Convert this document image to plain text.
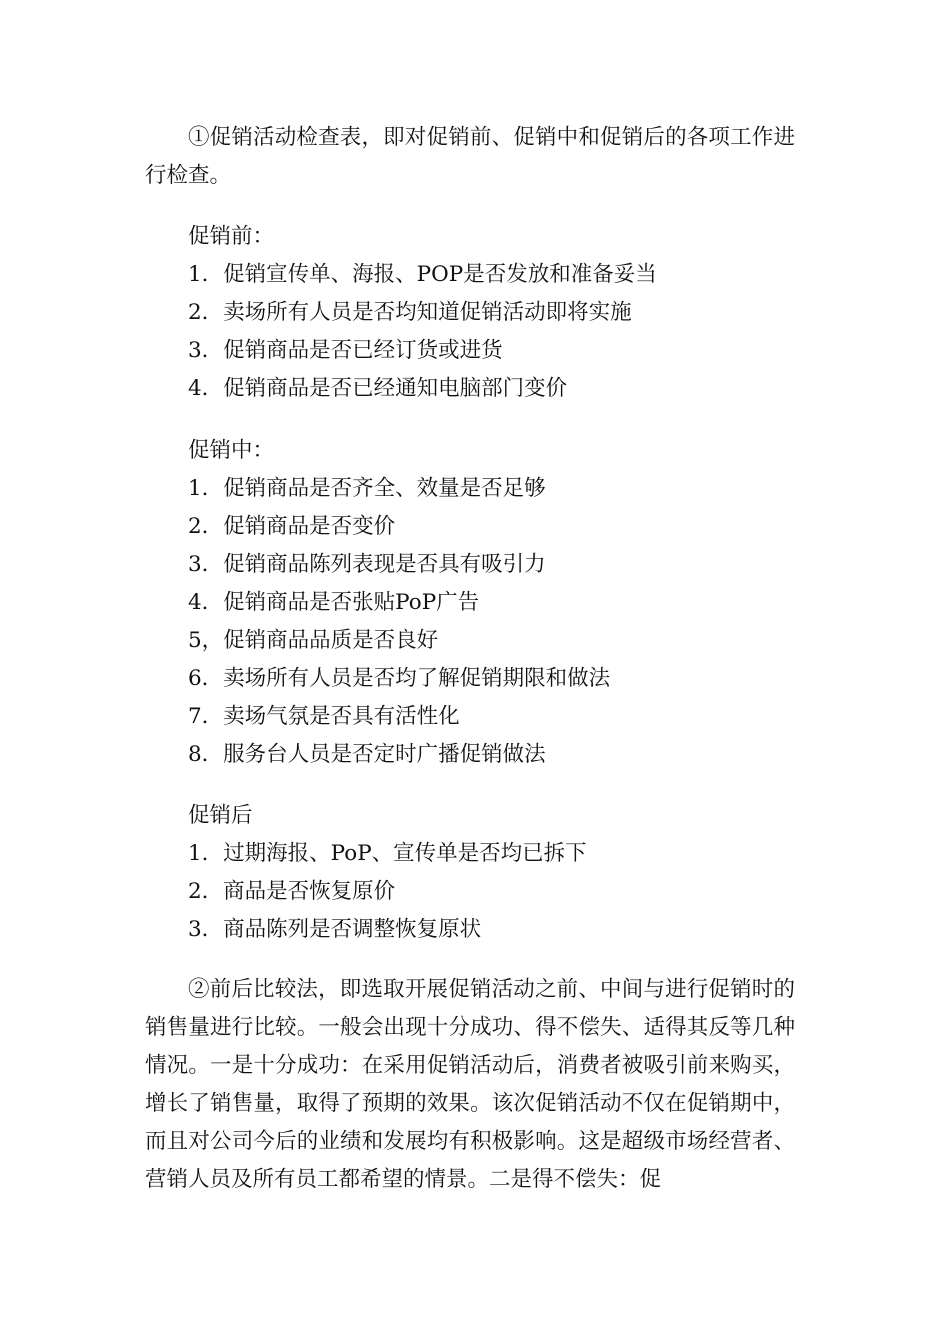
①促销活动检查表，即对促销前、促销中和促销后的各项工作进行检查。

促销前：

1．促销宣传单、海报、POP是否发放和准备妥当
2．卖场所有人员是否均知道促销活动即将实施
3．促销商品是否已经订货或进货
4．促销商品是否已经通知电脑部门变价

促销中：

1．促销商品是否齐全、效量是否足够
2．促销商品是否变价
3．促销商品陈列表现是否具有吸引力
4．促销商品是否张贴PoP广告
5，促销商品品质是否良好
6．卖场所有人员是否均了解促销期限和做法
7．卖场气氛是否具有活性化
8．服务台人员是否定时广播促销做法

促销后

1．过期海报、PoP、宣传单是否均已拆下
2．商品是否恢复原价
3．商品陈列是否调整恢复原状

②前后比较法，即选取开展促销活动之前、中间与进行促销时的销售量进行比较。一般会出现十分成功、得不偿失、适得其反等几种情况。一是十分成功：在采用促销活动后，消费者被吸引前来购买，增长了销售量，取得了预期的效果。该次促销活动不仅在促销期中，而且对公司今后的业绩和发展均有积极影响。这是超级市场经营者、营销人员及所有员工都希望的情景。二是得不偿失：促
